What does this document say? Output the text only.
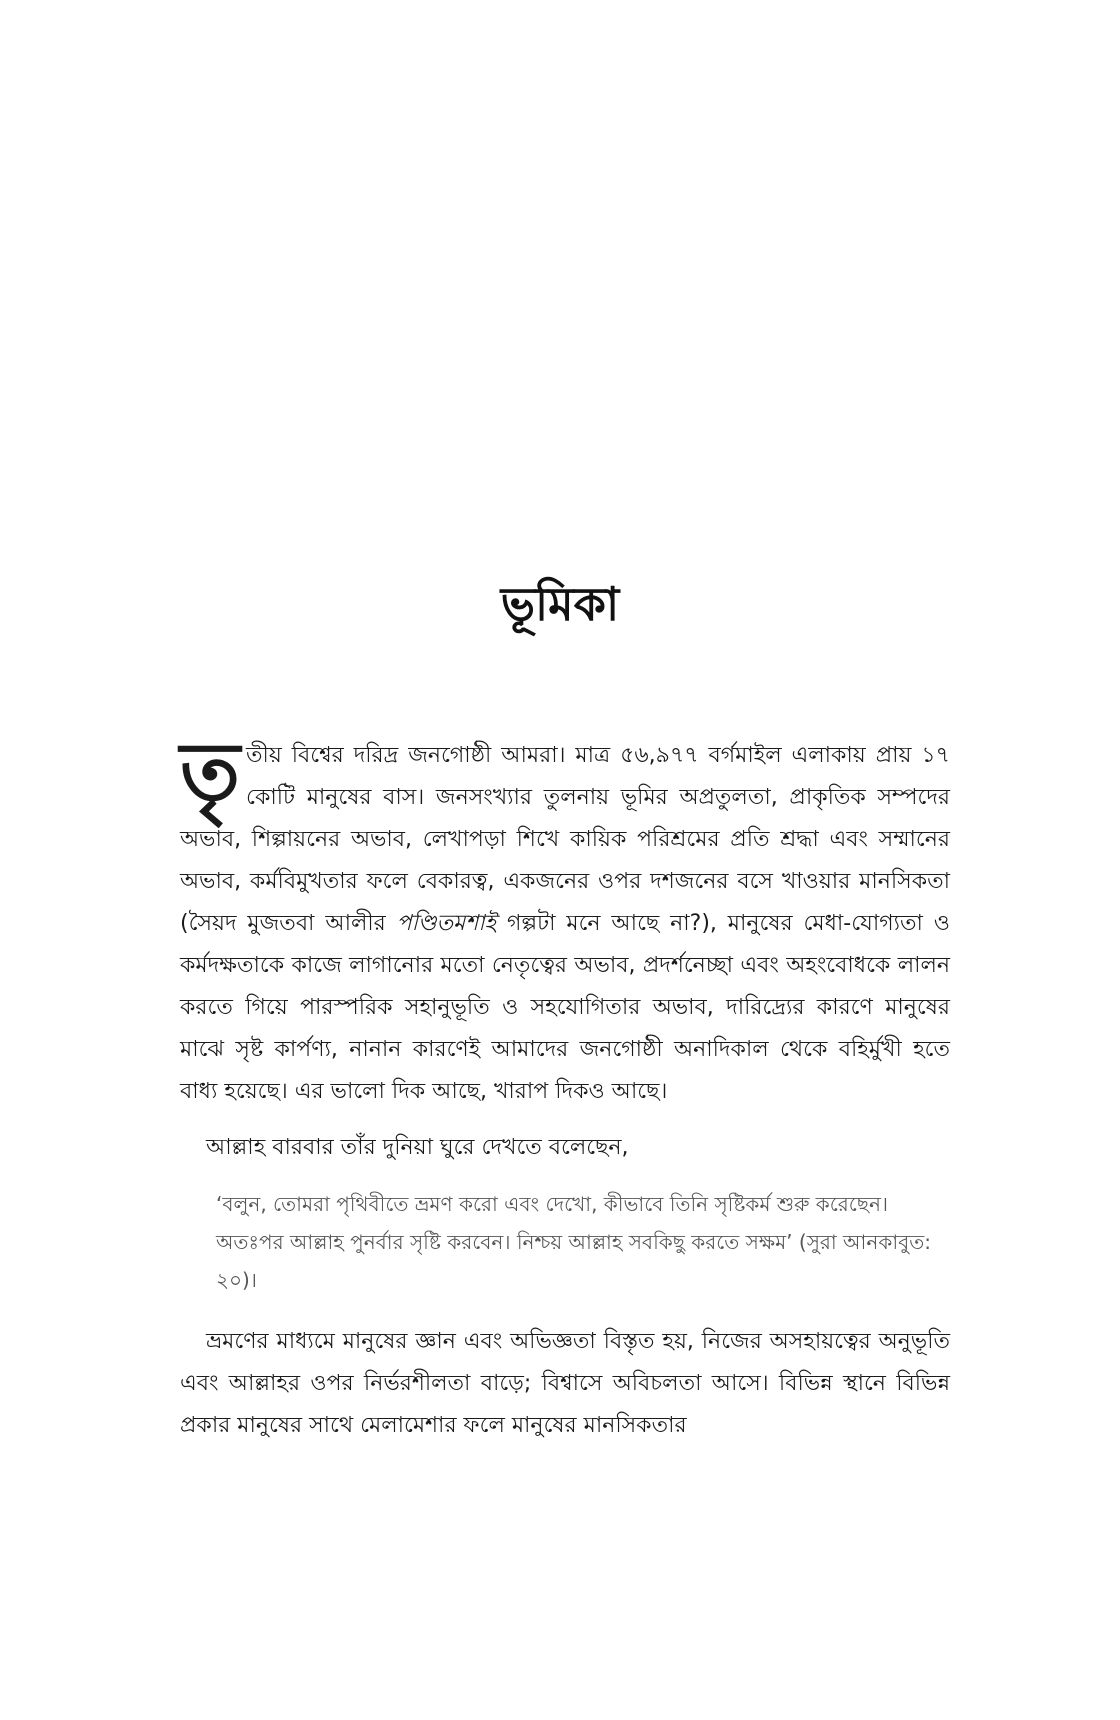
ভূমিকা

তৃতীয় বিশ্বের দরিদ্র জনগোষ্ঠী আমরা। মাত্র ৫৬,৯৭৭ বর্গমাইল এলাকায় প্রায় ১৭ কোটি মানুষের বাস। জনসংখ্যার তুলনায় ভূমির অপ্রতুলতা, প্রাকৃতিক সম্পদের অভাব, শিল্পায়নের অভাব, লেখাপড়া শিখে কায়িক পরিশ্রমের প্রতি শ্রদ্ধা এবং সম্মানের অভাব, কর্মবিমুখতার ফলে বেকারত্ব, একজনের ওপর দশজনের বসে খাওয়ার মানসিকতা (সৈয়দ মুজতবা আলীর পণ্ডিতমশাই গল্পটা মনে আছে না?), মানুষের মেধা-যোগ্যতা ও কর্মদক্ষতাকে কাজে লাগানোর মতো নেতৃত্বের অভাব, প্রদর্শনেচ্ছা এবং অহংবোধকে লালন করতে গিয়ে পারস্পরিক সহানুভূতি ও সহযোগিতার অভাব, দারিদ্র্যের কারণে মানুষের মাঝে সৃষ্ট কার্পণ্য, নানান কারণেই আমাদের জনগোষ্ঠী অনাদিকাল থেকে বহির্মুখী হতে বাধ্য হয়েছে। এর ভালো দিক আছে, খারাপ দিকও আছে।

আল্লাহ বারবার তাঁর দুনিয়া ঘুরে দেখতে বলেছেন,

‘বলুন, তোমরা পৃথিবীতে ভ্রমণ করো এবং দেখো, কীভাবে তিনি সৃষ্টিকর্ম শুরু করেছেন। অতঃপর আল্লাহ পুনর্বার সৃষ্টি করবেন। নিশ্চয় আল্লাহ সবকিছু করতে সক্ষম’ (সুরা আনকাবুত: ২০)।

ভ্রমণের মাধ্যমে মানুষের জ্ঞান এবং অভিজ্ঞতা বিস্তৃত হয়, নিজের অসহায়ত্বের অনুভূতি এবং আল্লাহর ওপর নির্ভরশীলতা বাড়ে; বিশ্বাসে অবিচলতা আসে। বিভিন্ন স্থানে বিভিন্ন প্রকার মানুষের সাথে মেলামেশার ফলে মানুষের মানসিকতার
